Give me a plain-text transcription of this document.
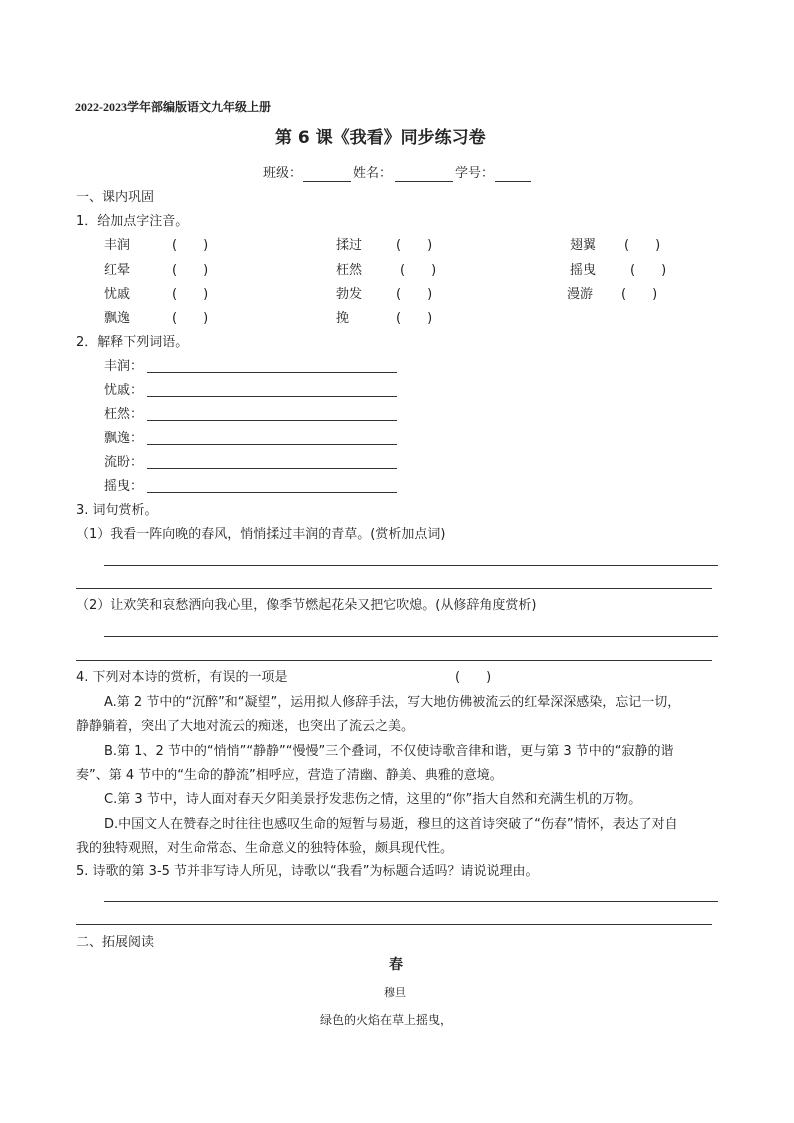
2022-2023学年部编版语文九年级上册
第 6 课《我看》同步练习卷
班级：	姓名：	学号：
一、课内巩固
1．给加点字注音。
丰润	(　　)	揉过	(　　)	翅翼 (　　)
红晕	(　　)	枉然	(　　)	摇曳	(　　)
忧戚	(　　)	勃发	(　　)	漫游 (　　)
飘逸	(　　)	挽	(　　)
2．解释下列词语。
丰润：
忧戚：
枉然：
飘逸：
流盼：
摇曳：
3. 词句赏析。
（1）我看一阵向晚的春风，悄悄揉过丰润的青草。(赏析加点词)
（2）让欢笑和哀愁洒向我心里，像季节燃起花朵又把它吹熄。(从修辞角度赏析)
4. 下列对本诗的赏析，有误的一项是	(　　)
A.第 2 节中的“沉醉”和“凝望”，运用拟人修辞手法，写大地仿佛被流云的红晕深深感染，忘记一切，
静静躺着，突出了大地对流云的痴迷，也突出了流云之美。
B.第 1、2 节中的“悄悄”“静静”“慢慢”三个叠词，不仅使诗歌音律和谐，更与第 3 节中的“寂静的谐
奏”、第 4 节中的“生命的静流”相呼应，营造了清幽、静美、典雅的意境。
C.第 3 节中，诗人面对春天夕阳美景抒发悲伤之情，这里的“你”指大自然和充满生机的万物。
D.中国文人在赞春之时往往也感叹生命的短暂与易逝，穆旦的这首诗突破了“伤春”情怀，表达了对自
我的独特观照，对生命常态、生命意义的独特体验，颇具现代性。
5. 诗歌的第 3-5 节并非写诗人所见，诗歌以“我看”为标题合适吗？请说说理由。
二、拓展阅读
春
穆旦
绿色的火焰在草上摇曳，
